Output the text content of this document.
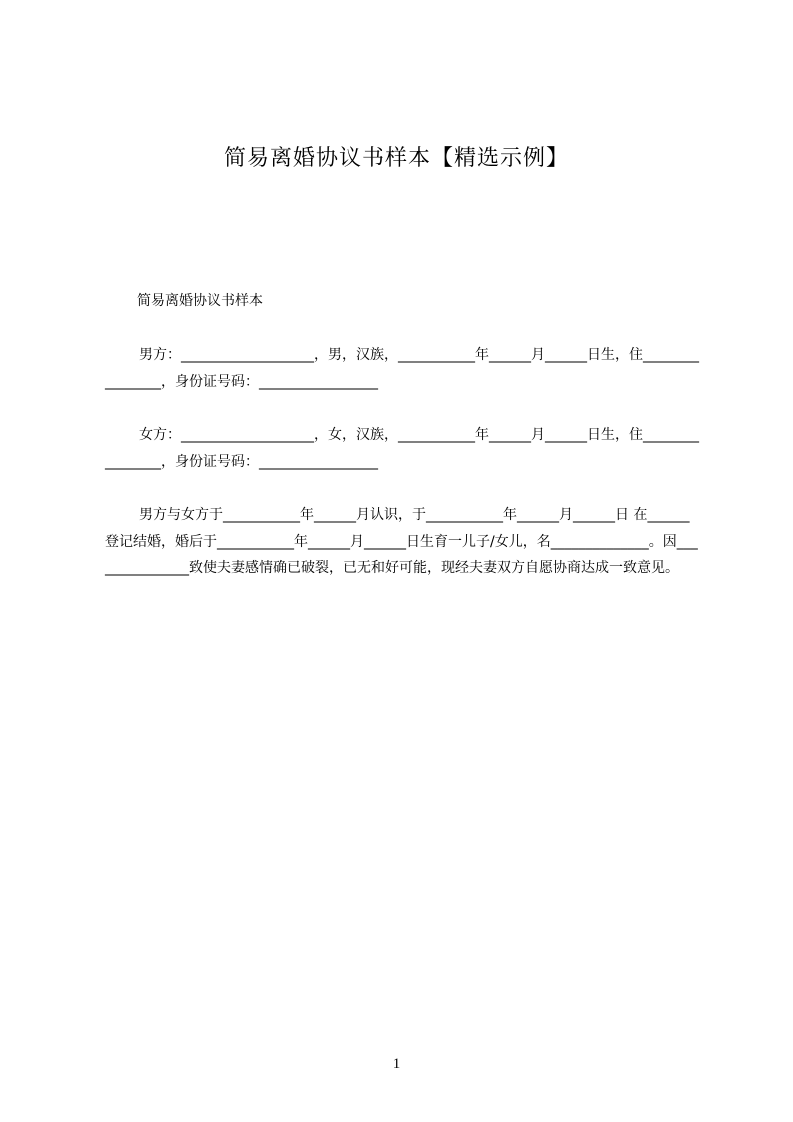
简易离婚协议书样本【精选示例】
简易离婚协议书样本
男方：___________________，男，汉族，___________年______月______日生，住________________，身份证号码：_________________
女方：___________________，女，汉族，___________年______月______日生，住________________，身份证号码：_________________
男方与女方于___________年______月认识，于___________年______月______日 在______登记结婚，婚后于___________年______月______日生育一儿子/女儿，名______________。因_______________致使夫妻感情确已破裂，已无和好可能，现经夫妻双方自愿协商达成一致意见。
1
